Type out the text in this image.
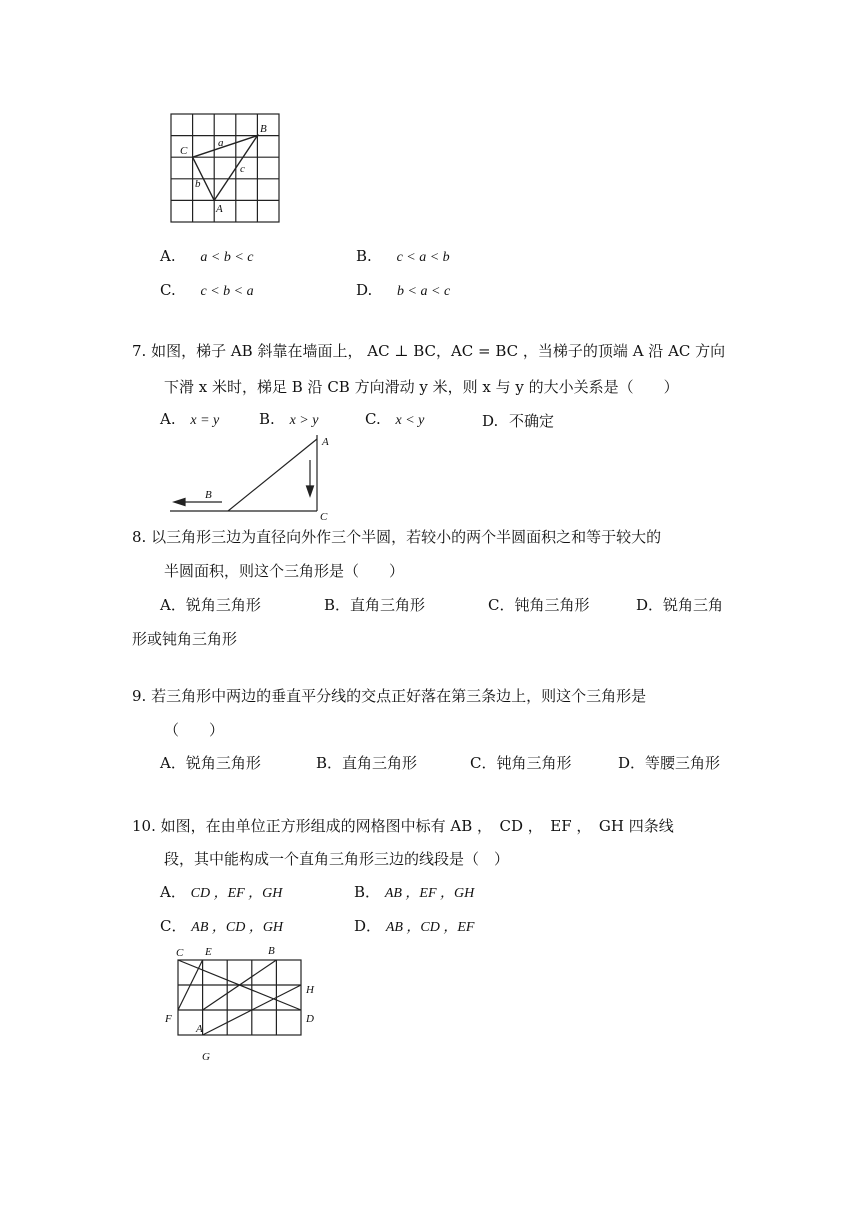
B
C
A
a
b
c
A. a < b < c	B. c < a < b
C. c < b < a	D. b < a < c
7. 如图，梯子 AB 斜靠在墙面上， AC ⊥ BC，AC = BC ，当梯子的顶端 A 沿 AC 方向
下滑 x 米时，梯足 B 沿 CB 方向滑动 y 米，则 x 与 y 的大小关系是（　　）
A. x = y	B. x > y	C. x < y	D. 不确定
A
B
C
8. 以三角形三边为直径向外作三个半圆，若较小的两个半圆面积之和等于较大的
半圆面积，则这个三角形是（　　）
A．锐角三角形	B．直角三角形	C．钝角三角形	D．锐角三角
形或钝角三角形
9. 若三角形中两边的垂直平分线的交点正好落在第三条边上，则这个三角形是
（　　）
A．锐角三角形	B．直角三角形	C．钝角三角形	D．等腰三角形
10. 如图，在由单位正方形组成的网格图中标有 AB ，　CD ，　EF ，　GH 四条线
段，其中能构成一个直角三角形三边的线段是（　）
A． CD ，EF ，GH	B． AB ，EF ，GH
C． AB ，CD ，GH	D． AB ，CD ，EF
C E	B
H
F	D
A
G
